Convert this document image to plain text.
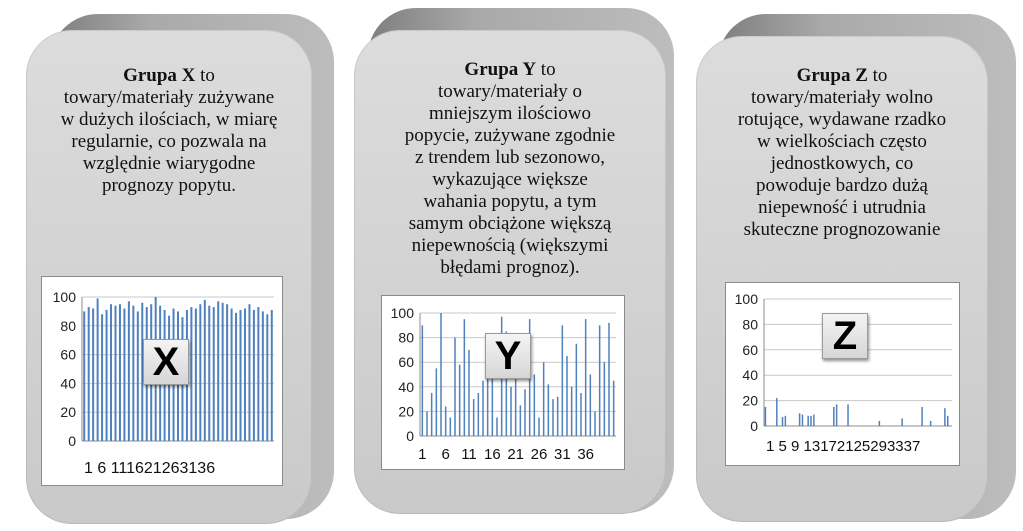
Grupa X to
towary/materiały zużywane
w dużych ilościach, w miarę
regularnie, co pozwala na
względnie wiarygodne
prognozy popytu.
100
80
60
40
20
0
1 6 111621263136
X
Grupa Y to
towary/materiały o
mniejszym ilościowo
popycie, zużywane zgodnie
z trendem lub sezonowo,
wykazujące większe
wahania popytu, a tym
samym obciążone większą
niepewnością (większymi
błędami prognoz).
100
80
60
40
20
0
1 6 11 16 21 26 31 36
Y
Grupa Z to
towary/materiały wolno
rotujące, wydawane rzadko
w wielkościach często
jednostkowych, co
powoduje bardzo dużą
niepewność i utrudnia
skuteczne prognozowanie
100
80
60
40
20
0
1 5 9 13172125293337
Z
